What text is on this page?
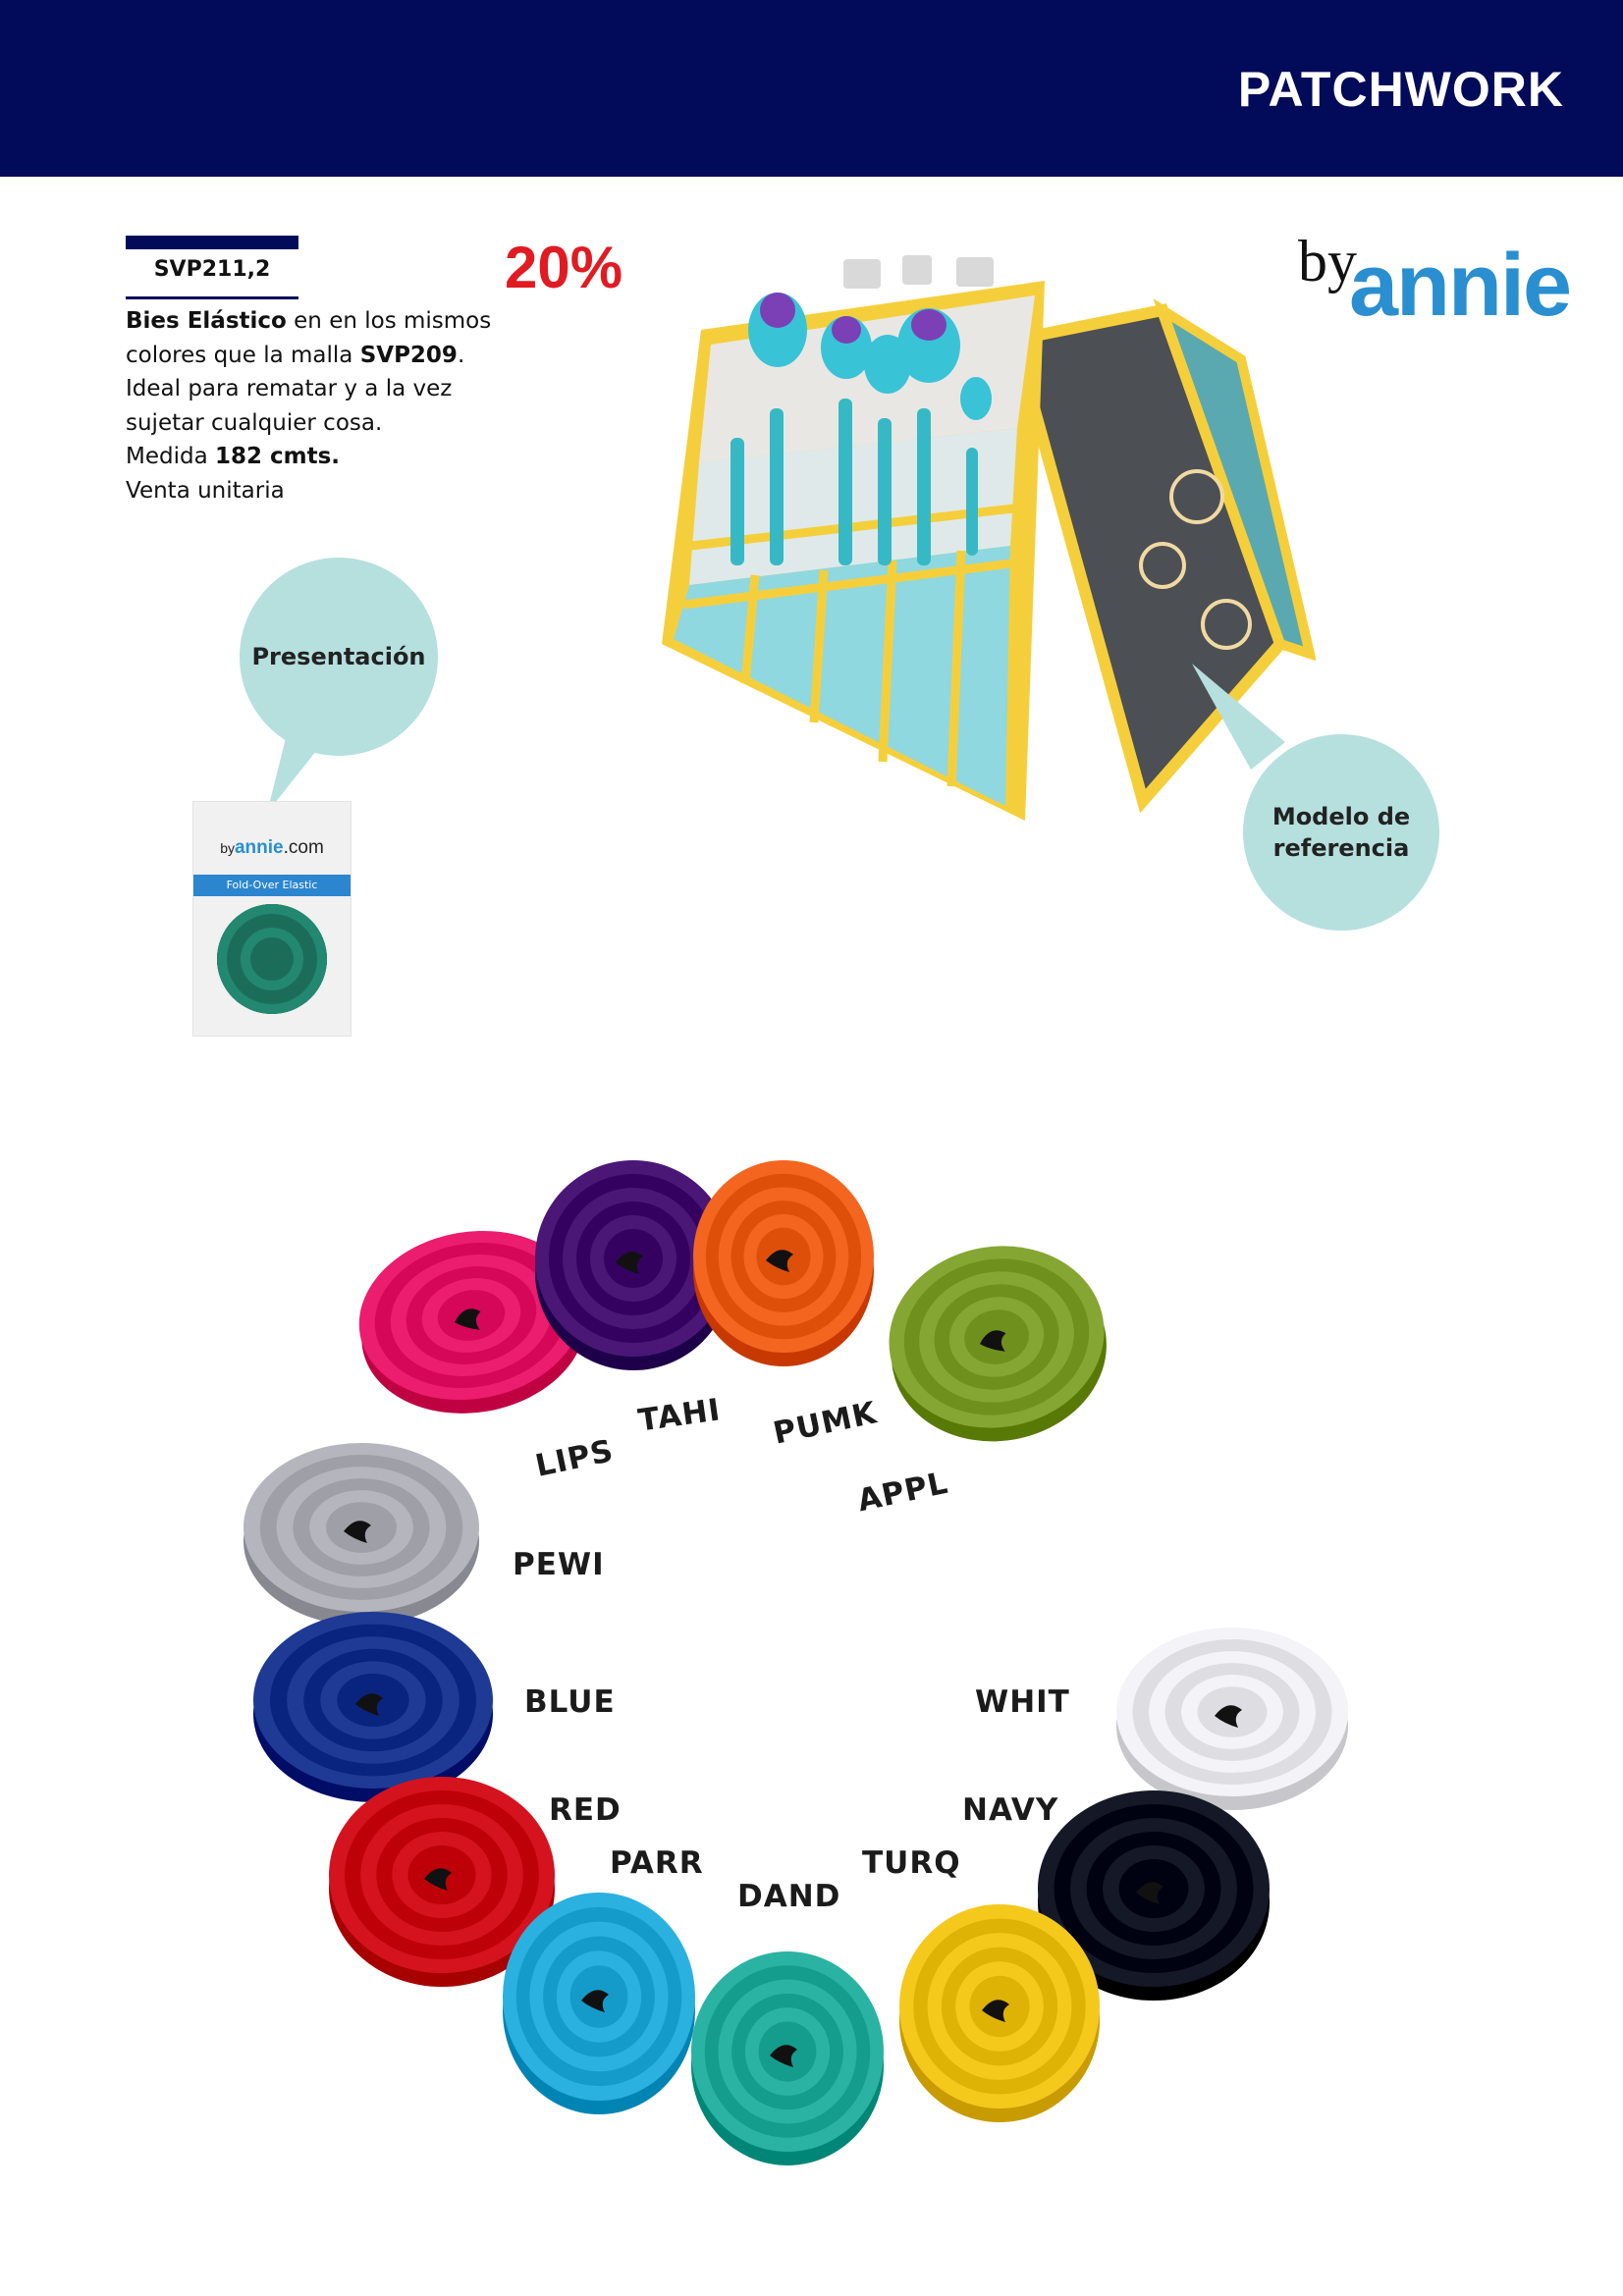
PATCHWORK
SVP211,2
Bies Elástico en en los mismos
colores que la malla SVP209.
Ideal para rematar y a la vez
sujetar cualquier cosa.
Medida 182 cmts.
Venta unitaria
20%	by
annie
Presentación
Modelo de
referencia
byannie.com
Fold-Over Elastic
LIPS
TAHI PUMK
APPL
PEWI
BLUE	WHIT
RED	NAVY
PARR	TURQ
DAND
